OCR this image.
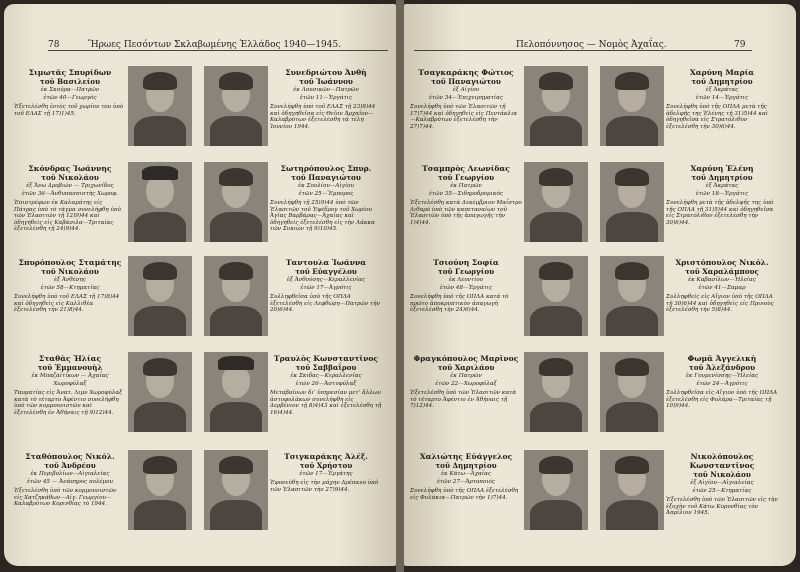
78	Ἥρωες Πεσόντων Σκλαβωμένης Ἑλλάδος 1940—1945.
Σιμωτᾶς Σπυρίδων
τοῦ Βασιλείου
ἐκ Σκούρα—Πατρῶν
ἐτῶν 40—Γεωργός
Ἐξετελέσθη ἐντὸς τοῦ χωρίου του ὑπὸ τοῦ ΕΛΑΣ τῇ 17)1)45.
Συνεδριώτου Ἀνθὴ
τοῦ Ἰωάννου
ἐκ Λουσικῶν—Πατρῶν
ἐτῶν 11—Ἐργάτις
Συνελήφθη ὑπὸ τοῦ ΕΛΑΣ τῇ 23)8)44 καὶ ὁδηγηθεῖσα εἰς Θεῖον Ἀρχαῖον—Καλαβρύτων ἐξετελέσθη τὰ τέλη Ἰουνίου 1944.
Σκόνδρας Ἰωάννης
τοῦ Νικολάου
ἐξ Ἄνω Δροβιών — Τριχωνίδος
ἐτῶν 36—Ἀνθυπασπιστὴς Χωροφ.
Ἐπιστρέφων ἐκ Καλαμάτης εἰς Πάτρας ὑπὸ τὸ τάγμα συνελήφθη ὑπὸ τῶν Ἐλασιτῶν τῇ 12)9)44 καὶ ὁδηγηθεὶς εἰς Καβάσιλα—Τριταίας ἐξετελέσθη τῇ 24)9)44.
Σωτηρόπουλος Σπυρ.
τοῦ Παναγιώτου
ἐκ Σουλίου—Αἰγίου
ἐτῶν 25—Ἔμπορος
Συνελήφθη τῇ 25)9)44 ὑπὸ τῶν Ἐλασιτῶν τοῦ Ἐφέδρου τοῦ Χωρίου Ἀγίας Βαρβάρας—Ἀχαΐας καὶ ὁδηγηθεὶς ἐξετελέσθη εἰς τὴν Λάκκα τῶν Συκιών τῇ 9)10)45.
Σπυρόπουλος Σταμάτης
τοῦ Νικολάου
ἐξ Ἀνθέσης
ἐτῶν 58—Κτηματίας
Συνελήφθη ὑπὸ τοῦ ΕΛΑΣ τῇ 17)8)44 καὶ ὁδηγηθεὶς εἰς Καλλιθέα ἐξετελέσθη τὴν 21)8)44.
Ταντουλα Ἰωάννα
τοῦ Εὐαγγέλου
ἐξ Ἀνθούσης—Κεραλλενίας
ἐτῶν 17—Ἀγρότις
Συλληφθεῖσα ὑπὸ τῆς ΟΠΛΑ ἐξετελέσθη εἰς Λεφθώρη—Πατρῶν τὴν 20)6)44.
Σταθὰς Ἠλίας
τοῦ Ἐμμανουὴλ
ἐκ Μπαζαϊτίκων — Ἀχαΐας
Χωροφύλαξ
Ταυματίας εἰς Ἀνατ. Λιμν Χωροφύλαξ κατὰ τὸ τέταρτο Ἀφέντιο συνελήφθη ὑπὸ τῶν κομμουνιστῶν καὶ ἐξετελέσθη ἐν Ἀθήναις τῇ 9)12)44.
Τραυλὸς Κωνσταντῖνος
τοῦ Σαββαΐρου
ἐκ Σκιδας—Κεραλλενίας
ἐτῶν 26—Ἀστυφύλαξ
Μεταβαίνων δι’ ὑπηρεσίαν μετ’ ἄλλων ἀστυφυλάκων συνελήφθη εἰς Δερβένιον τῇ 8)4)43 καὶ ἐξετελέσθη τῇ 16)4)44.
Σταθόπουλος Νικόλ.
τοῦ Ἀνδρέου
ἐκ Περιβολίων—Αἰγιαλείας
ἐτῶν 45 — Ἀνάπηρος πολέμου
Ἐξετελέσθη ὑπὸ τῶν κομμουνιστῶν εἰς Χατζηκάθων—Αἰγ. Γεωργίου—Καλαβρύτων Κορινθίας τὸ 1944.
Τσιγκαράκης Ἀλέξ.
τοῦ Χρήστου
ἐτῶν 17—Ἐργάτης
Ἐφονεύθη εἰς τὴν μάχην Δρέπανο ὑπὸ τῶν Ἐλασιτῶν τὴν 27)9)44.
Πελοπόννησος — Νομὸς Ἀχαΐας.	79
Τσαγκαράκης Φώτιος
τοῦ Παναγιώτου
ἐξ Αἰγίου
ἐτῶν 34—Ἐπιχειρηματίας
Συνελήφθη ὑπὸ τῶν Ἐλασιτῶν τῇ 17)7)44 καὶ ὁδηγηθεὶς εἰς Πεντάκλια—Καλαβρύτων ἐξετελέσθη τὴν 27)7)44.
Χαρύνη Μαρία
τοῦ Δημητρίου
ἐξ Ἀκράτας
ἐτῶν 14—Ἐργάτις
Συνελήφθη ὑπὸ τῆς ΟΠΛΑ μετὰ τῆς ἀδελφῆς της Ἑλένης τῇ 31)5)44 καὶ ὁδηγηθεῖσα εἰς Στρατόλιθον ἐξετελέσθη τὴν 30)6)44.
Τσαμπρὸς Λεωνίδας
τοῦ Γεωργίου
ἐκ Πατρῶν
ἐτῶν 35—Σιδηροδρομικός
Ἐξετελέσθη κατὰ Δεκέμβριον Μαΐστρο Λιθαρό ὑπὸ τῶν καπεταναίων τοῦ Ἐλασιτῶν ὑπὸ τῆς ἀπαγωγῆς τὴν 1)4)44.
Χαρύνη Ἑλένη
τοῦ Δημητρίου
ἐξ Ἀκράτας
ἐτῶν 18—Ἐργάτις
Συνελήφθη μετὰ τῆς ἀδελφῆς της ὑπὸ τῆς ΟΠΛΑ τῇ 31)5)44 καὶ ὁδηγηθεῖσα εἰς Στρατόλιθον ἐξετελέσθη τὴν 30)6)44.
Τσιούνη Σοφία
τοῦ Γεωργίου
ἐκ Λεοντίου
ἐτῶν 48—Ἐργάτις
Συνελήφθη ὑπὸ τῆς ΟΠΛΑ κατὰ τὸ πρῶτο ἀποκρυπτικὸν ἀπαγωγὴ ἐξετελέσθη τὴν 24)6)44.
Χριστόπουλος Νικόλ.
τοῦ Χαραλάμπους
ἐκ Καβασίλων—Ἠλείας
ἐτῶν 41—Σαμαρ
Συλληφθεὶς εἰς Αἴγιον ὑπὸ τῆς ΟΠΛΑ τῇ 30)6)44 καὶ ὁδηγηθεὶς εἰς Πρινοὺς ἐξετελέσθη τὴν 5)8)44.
Φραγκόπουλος Μαρῖνος
τοῦ Χαριλάου
ἐκ Πατρῶν
ἐτῶν 22—Χωροφύλαξ
Ἐξετελέσθη ὑπὸ τῶν Ἐλασιτῶν κατὰ τὸ τέταρτο Ἀφέντιο ἐν Ἀθήναις τῇ 7)12)44.
Φωμᾶ Ἀγγελικὴ
τοῦ Ἀλεξάνδρου
ἐκ Γουμενίσσης—Ἠλείας
ἐτῶν 24—Ἀγρότις
Συλληφθεῖσα εἰς Αἴγιον ὑπὸ τῆς ΟΠΛΑ ἐξετελέσθη εἰς Φυλάρα—Τριταίας τῇ 10)9)44.
Χαλιώτης Εὐάγγελος
τοῦ Δημητρίου
ἐκ Κάτω—Ἀχαΐας
ἐτῶν 27—Ἀρτοποιός
Συνελήφθη ὑπὸ τῆς ΟΠΛΑ ἐξετελέσθη εἰς Φυλάκια—Πατρῶν τὴν 1)7)44.
Νικολόπουλος Κωνσταντῖνος
τοῦ Νικολάου
ἐξ Αἰγίου—Αἰγιαλείας
ἐτῶν 25—Κτηματίας
Ἐξετελέσθη ὑπὸ τῶν Ἐλασιτῶν εἰς τὴν ἐξοχὴν τοῦ Κάτω Κορυνθίας τὸν Ἀπρίλιον 1945.
